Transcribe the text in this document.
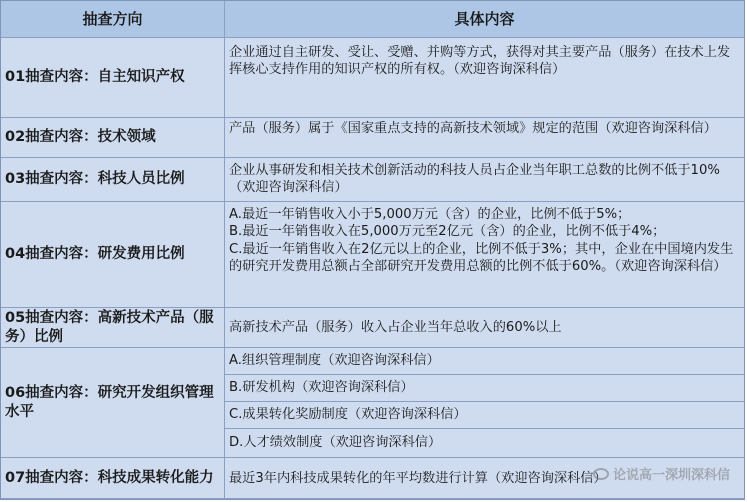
抽查方向	具体内容
01抽查内容：自主知识产权
企业通过自主研发、受让、受赠、并购等方式，获得对其主要产品（服务）在技术上发挥核心支持作用的知识产权的所有权。（欢迎咨询深科信）
02抽查内容：技术领域
产品（服务）属于《国家重点支持的高新技术领域》规定的范围（欢迎咨询深科信）
03抽查内容：科技人员比例
企业从事研发和相关技术创新活动的科技人员占企业当年职工总数的比例不低于10%（欢迎咨询深科信）
04抽查内容：研发费用比例
A.最近一年销售收入小于5,000万元（含）的企业，比例不低于5%；
B.最近一年销售收入在5,000万元至2亿元（含）的企业，比例不低于4%；
C.最近一年销售收入在2亿元以上的企业，比例不低于3%；其中，企业在中国境内发生的研究开发费用总额占全部研究开发费用总额的比例不低于60%。（欢迎咨询深科信）
05抽查内容：高新技术产品（服务）比例
高新技术产品（服务）收入占企业当年总收入的60%以上
06抽查内容：研究开发组织管理水平
A.组织管理制度（欢迎咨询深科信）
B.研发机构（欢迎咨询深科信）
C.成果转化奖励制度（欢迎咨询深科信）
D.人才绩效制度（欢迎咨询深科信）
07抽查内容：科技成果转化能力	最近3年内科技成果转化的年平均数进行计算（欢迎咨询深科信） 论说高一深圳深科信
